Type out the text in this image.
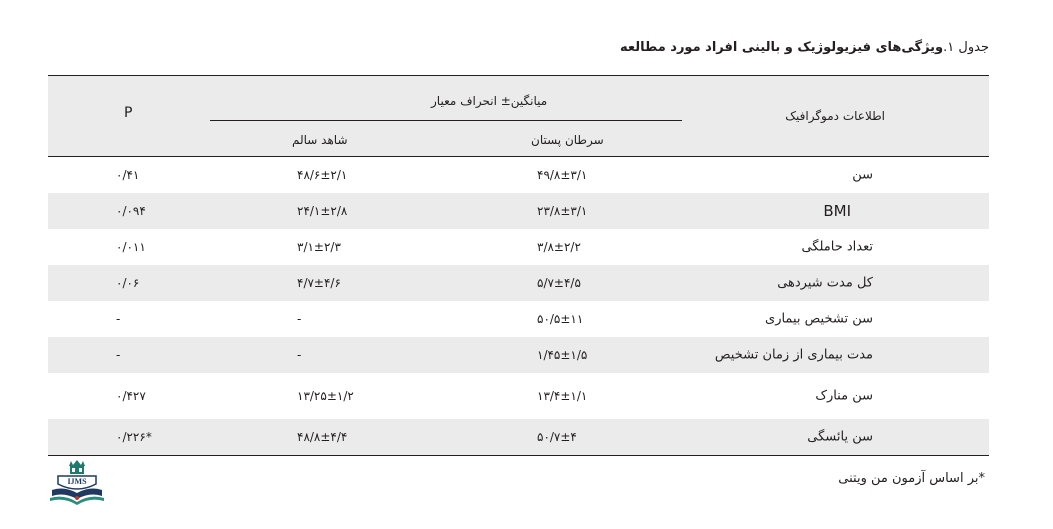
جدول ۱.ویژگی‌های فیزیولوژیک و بالینی افراد مورد مطالعه
اطلاعات دموگرافیک
میانگین± انحراف معیار
سرطان پستان
شاهد سالم
P
سن
۴۹/۸±۳/۱
۴۸/۶±۲/۱
۰/۴۱
BMI
۲۳/۸±۳/۱
۲۴/۱±۲/۸
۰/۰۹۴
تعداد حاملگی
۳/۸±۲/۲
۳/۱±۲/۳
۰/۰۱۱
کل مدت شیردهی
۵/۷±۴/۵
۴/۷±۴/۶
۰/۰۶
سن تشخیص بیماری
۵۰/۵±۱۱
-
-
مدت بیماری از زمان تشخیص
۱/۴۵±۱/۵
-
-
سن منارک
۱۳/۴±۱/۱
۱۳/۲۵±۱/۲
۰/۴۲۷
سن یائسگی
۵۰/۷±۴
۴۸/۸±۴/۴
۰/۲۲۶*
*بر اساس آزمون من ویتنی
IJMS
